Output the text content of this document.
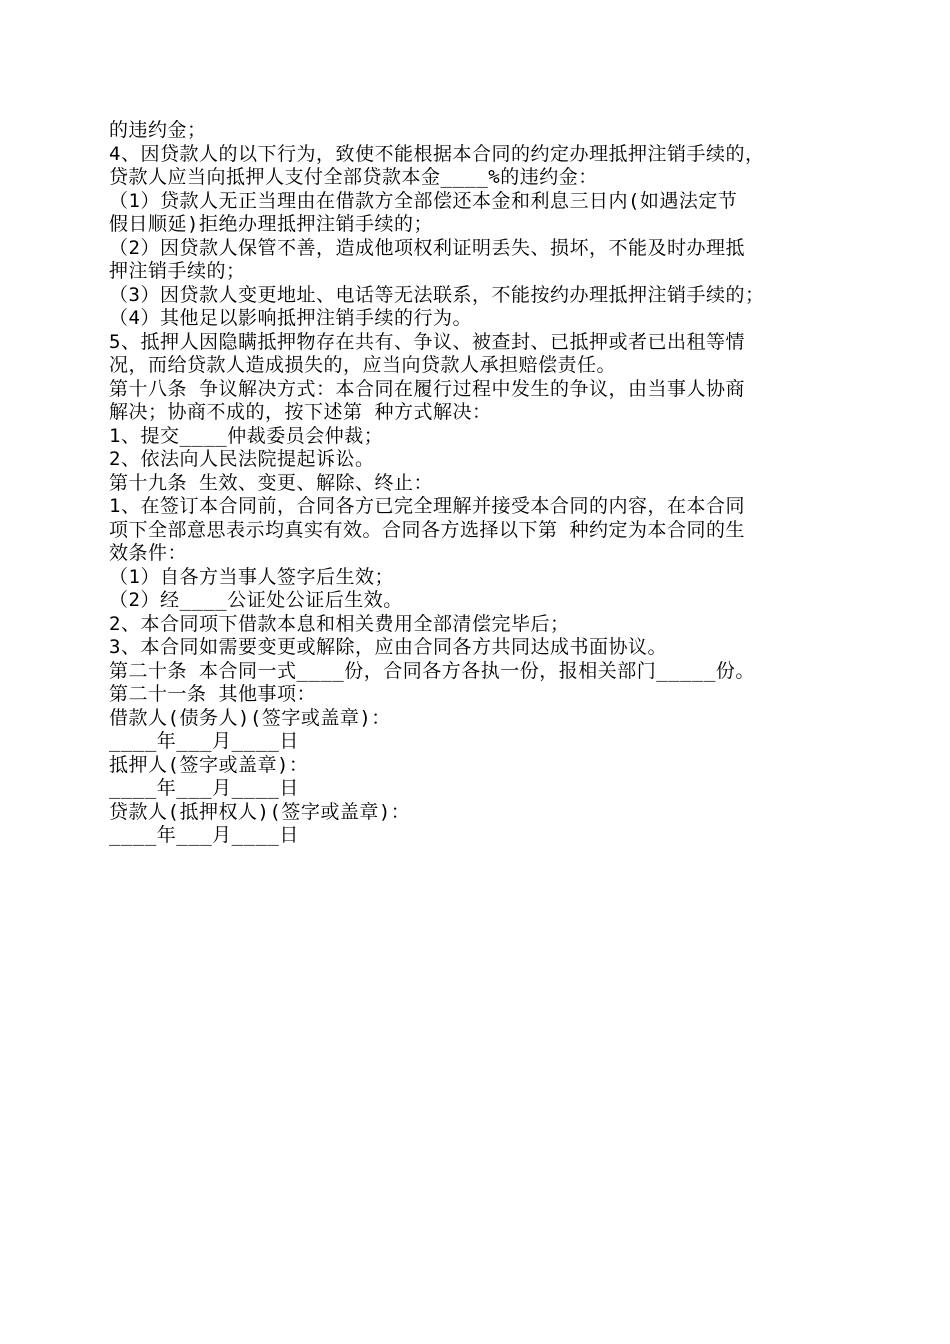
的违约金；

4、因贷款人的以下行为，致使不能根据本合同的约定办理抵押注销手续的，

贷款人应当向抵押人支付全部贷款本金____%的违约金：

（1）贷款人无正当理由在借款方全部偿还本金和利息三日内(如遇法定节

假日顺延)拒绝办理抵押注销手续的；

（2）因贷款人保管不善，造成他项权利证明丢失、损坏，不能及时办理抵

押注销手续的；

（3）因贷款人变更地址、电话等无法联系，不能按约办理抵押注销手续的；

（4）其他足以影响抵押注销手续的行为。

5、抵押人因隐瞒抵押物存在共有、争议、被查封、已抵押或者已出租等情

况，而给贷款人造成损失的，应当向贷款人承担赔偿责任。

第十八条 争议解决方式：本合同在履行过程中发生的争议，由当事人协商

解决；协商不成的，按下述第 种方式解决：

1、提交____仲裁委员会仲裁；

2、依法向人民法院提起诉讼。

第十九条 生效、变更、解除、终止：

1、在签订本合同前，合同各方已完全理解并接受本合同的内容，在本合同

项下全部意思表示均真实有效。合同各方选择以下第 种约定为本合同的生

效条件：

（1）自各方当事人签字后生效；

（2）经____公证处公证后生效。

2、本合同项下借款本息和相关费用全部清偿完毕后；

3、本合同如需要变更或解除，应由合同各方共同达成书面协议。

第二十条 本合同一式____份，合同各方各执一份，报相关部门_____份。

第二十一条 其他事项：

借款人(债务人)(签字或盖章)：

____年___月____日

抵押人(签字或盖章)：

____年___月____日

贷款人(抵押权人)(签字或盖章)：

____年___月____日
